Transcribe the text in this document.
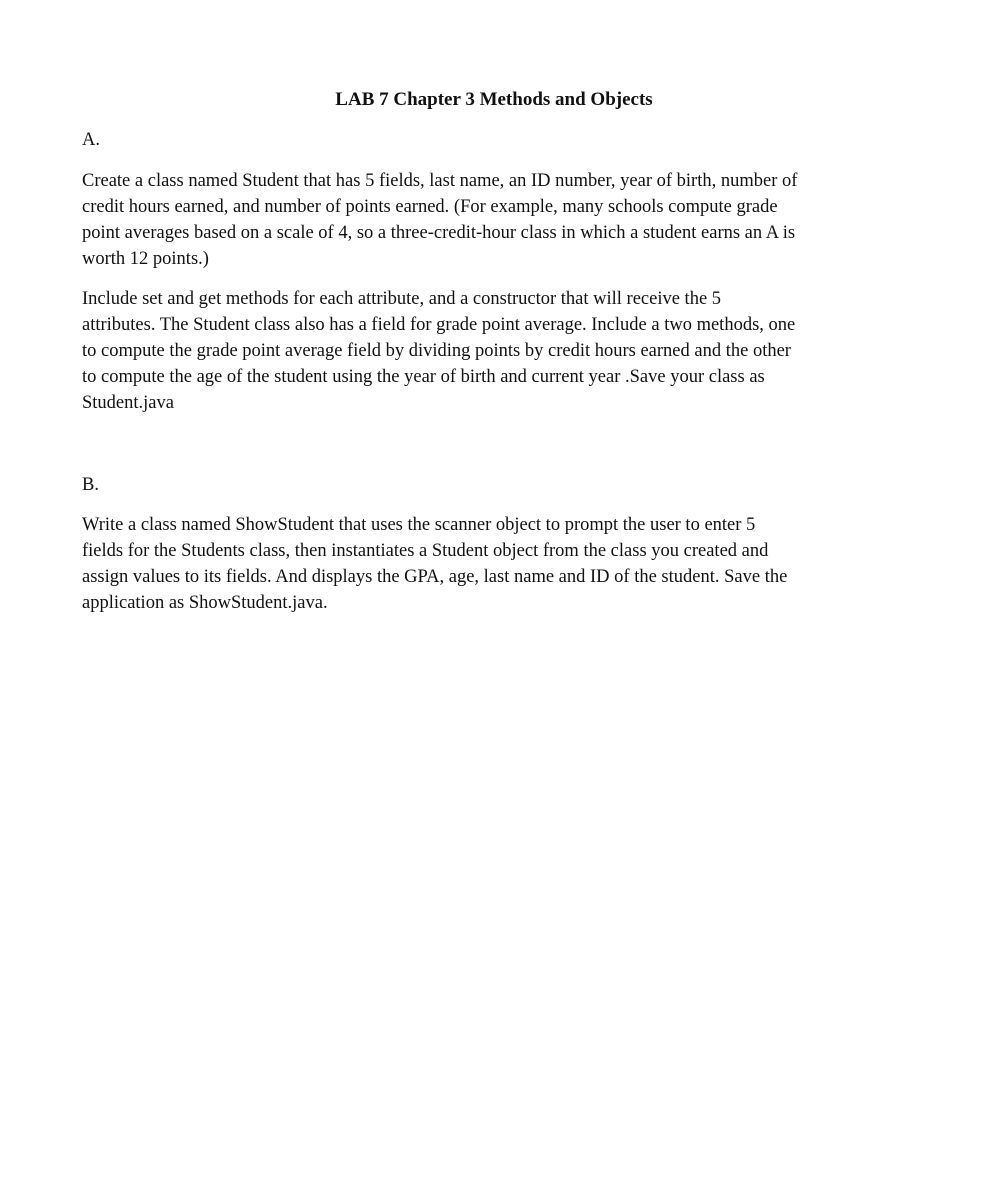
LAB 7 Chapter 3 Methods and Objects

A.

Create a class named Student that has 5 fields, last name, an ID number, year of birth, number of
credit hours earned, and number of points earned. (For example, many schools compute grade
point averages based on a scale of 4, so a three-credit-hour class in which a student earns an A is
worth 12 points.)

Include set and get methods for each attribute, and a constructor that will receive the 5
attributes. The Student class also has a field for grade point average. Include a two methods, one
to compute the grade point average field by dividing points by credit hours earned and the other
to compute the age of the student using the year of birth and current year .Save your class as
Student.java

B.

Write a class named ShowStudent that uses the scanner object to prompt the user to enter 5
fields for the Students class, then instantiates a Student object from the class you created and
assign values to its fields. And displays the GPA, age, last name and ID of the student. Save the
application as ShowStudent.java.
